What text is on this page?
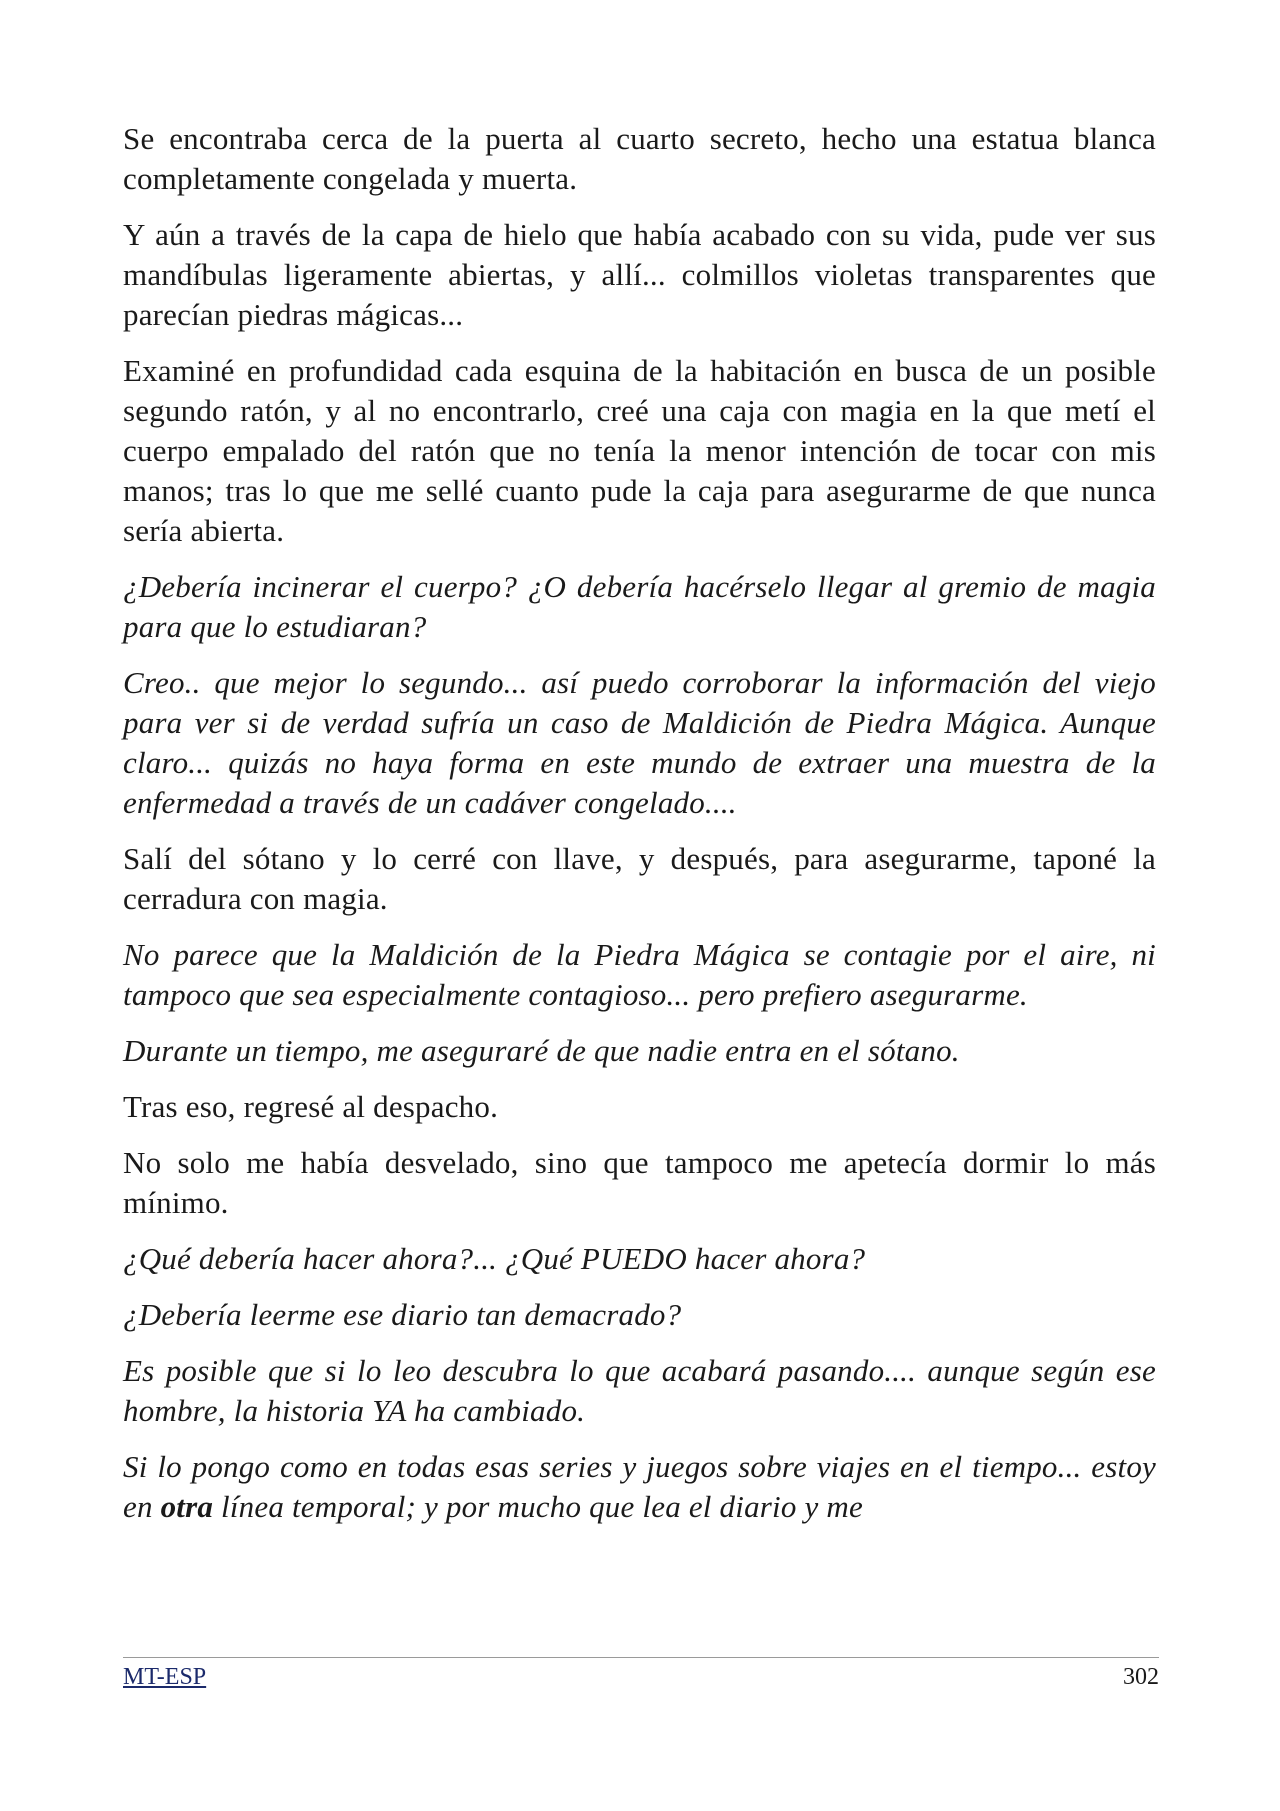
Se encontraba cerca de la puerta al cuarto secreto, hecho una estatua blanca completamente congelada y muerta.

Y aún a través de la capa de hielo que había acabado con su vida, pude ver sus mandíbulas ligeramente abiertas, y allí... colmillos violetas transparentes que parecían piedras mágicas...

Examiné en profundidad cada esquina de la habitación en busca de un posible segundo ratón, y al no encontrarlo, creé una caja con magia en la que metí el cuerpo empalado del ratón que no tenía la menor intención de tocar con mis manos; tras lo que me sellé cuanto pude la caja para asegurarme de que nunca sería abierta.

¿Debería incinerar el cuerpo? ¿O debería hacérselo llegar al gremio de magia para que lo estudiaran?

Creo.. que mejor lo segundo... así puedo corroborar la información del viejo para ver si de verdad sufría un caso de Maldición de Piedra Mágica. Aunque claro... quizás no haya forma en este mundo de extraer una muestra de la enfermedad a través de un cadáver congelado....

Salí del sótano y lo cerré con llave, y después, para asegurarme, taponé la cerradura con magia.

No parece que la Maldición de la Piedra Mágica se contagie por el aire, ni tampoco que sea especialmente contagioso... pero prefiero asegurarme.

Durante un tiempo, me aseguraré de que nadie entra en el sótano.

Tras eso, regresé al despacho.

No solo me había desvelado, sino que tampoco me apetecía dormir lo más mínimo.

¿Qué debería hacer ahora?... ¿Qué PUEDO hacer ahora?

¿Debería leerme ese diario tan demacrado?

Es posible que si lo leo descubra lo que acabará pasando.... aunque según ese hombre, la historia YA ha cambiado.

Si lo pongo como en todas esas series y juegos sobre viajes en el tiempo... estoy en otra línea temporal; y por mucho que lea el diario y me

MT-ESP	302
